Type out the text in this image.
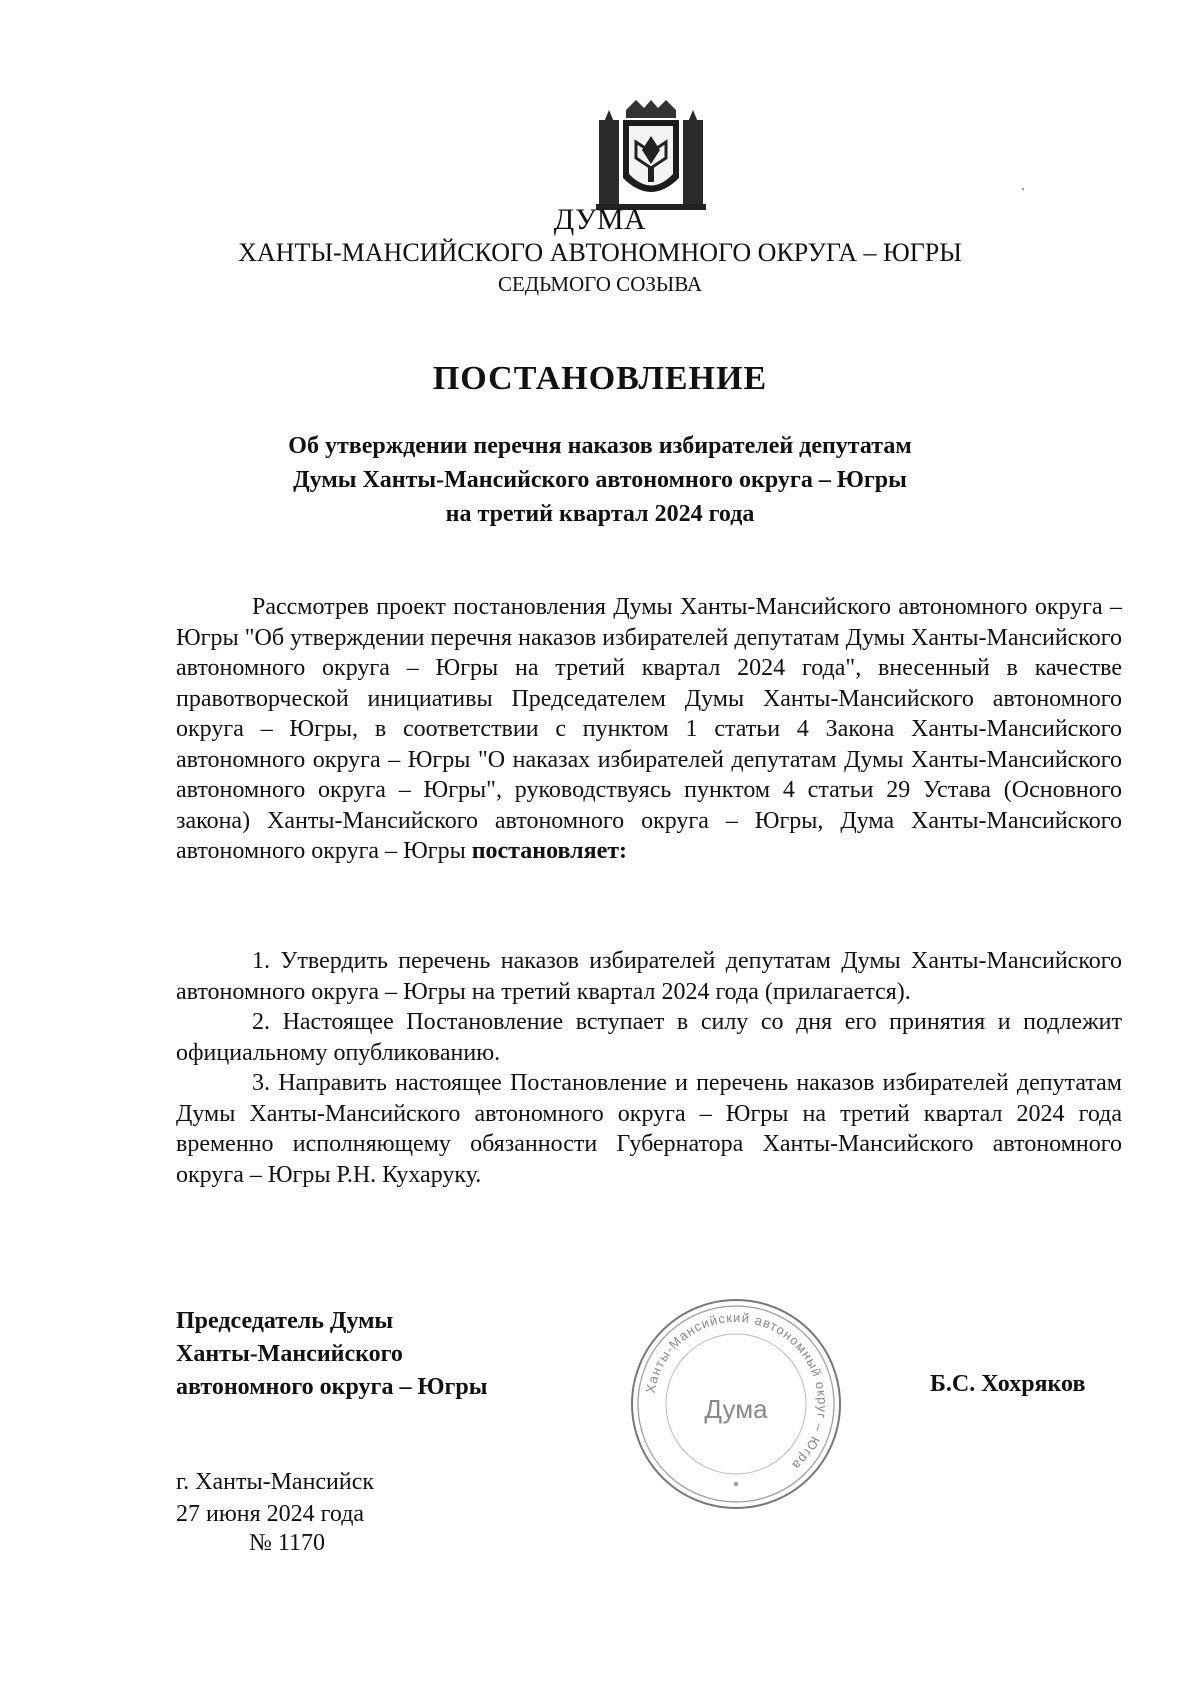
ДУМА
ХАНТЫ-МАНСИЙСКОГО АВТОНОМНОГО ОКРУГА – ЮГРЫ
СЕДЬМОГО СОЗЫВА
ПОСТАНОВЛЕНИЕ
Об утверждении перечня наказов избирателей депутатам
Думы Ханты-Мансийского автономного округа – Югры
на третий квартал 2024 года
Рассмотрев проект постановления Думы Ханты-Мансийского автономного округа – Югры "Об утверждении перечня наказов избирателей депутатам Думы Ханты-Мансийского автономного округа – Югры на третий квартал 2024 года", внесенный в качестве правотворческой инициативы Председателем Думы Ханты-Мансийского автономного округа – Югры, в соответствии с пунктом 1 статьи 4 Закона Ханты-Мансийского автономного округа – Югры "О наказах избирателей депутатам Думы Ханты-Мансийского автономного округа – Югры", руководствуясь пунктом 4 статьи 29 Устава (Основного закона) Ханты-Мансийского автономного округа – Югры, Дума Ханты-Мансийского автономного округа – Югры постановляет:

1. Утвердить перечень наказов избирателей депутатам Думы Ханты-Мансийского автономного округа – Югры на третий квартал 2024 года (прилагается).

2. Настоящее Постановление вступает в силу со дня его принятия и подлежит официальному опубликованию.

3. Направить настоящее Постановление и перечень наказов избирателей депутатам Думы Ханты-Мансийского автономного округа – Югры на третий квартал 2024 года временно исполняющему обязанности Губернатора Ханты-Мансийского автономного округа – Югры Р.Н. Кухаруку.

Председатель Думы
Ханты-Мансийского
автономного округа – Югры	Ханты-Мансийский автономный округ – Югра
Дума
Б.С. Хохряков
г. Ханты-Мансийск
27 июня 2024 года
№ 1170
